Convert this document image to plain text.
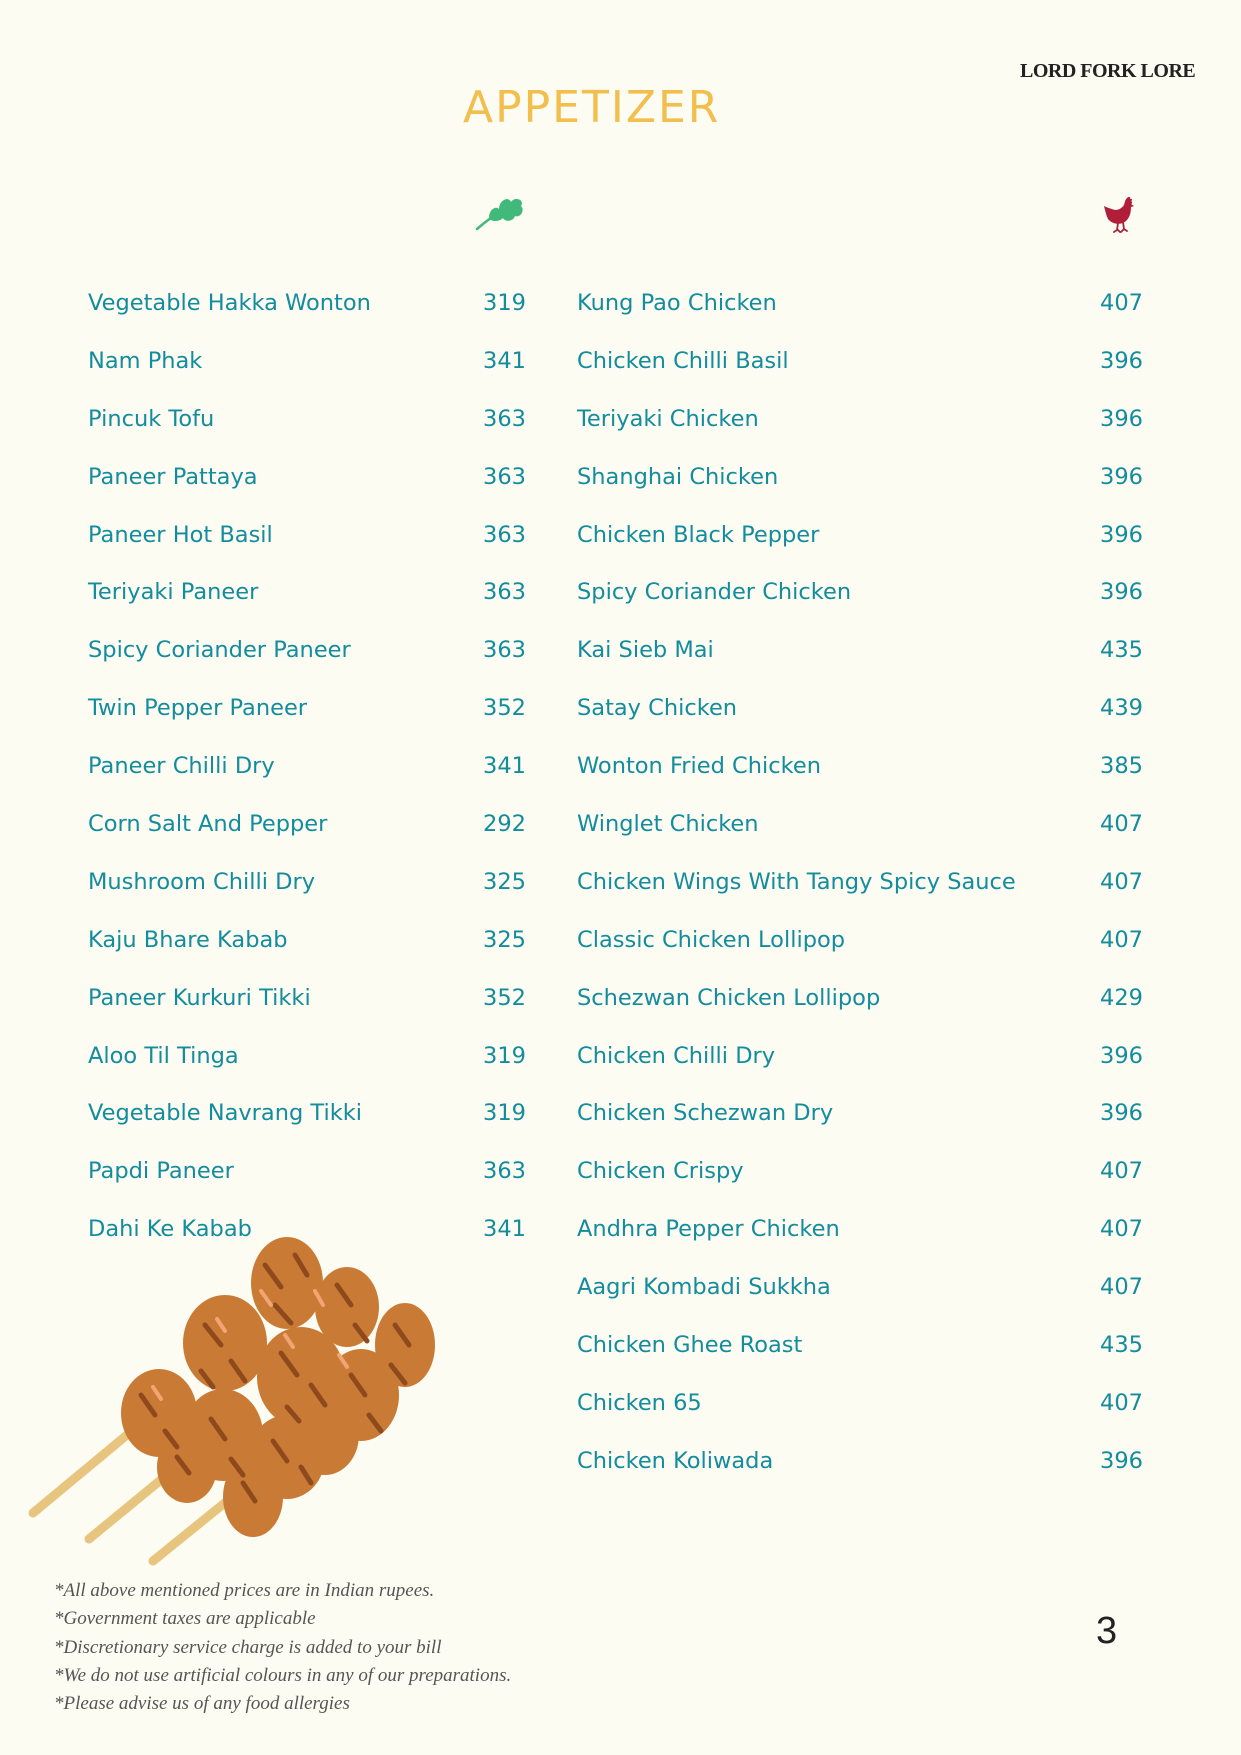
LORD FORK LORE
APPETIZER
Vegetable Hakka Wonton	319
Nam Phak	341
Pincuk Tofu	363
Paneer Pattaya	363
Paneer Hot Basil	363
Teriyaki Paneer	363
Spicy Coriander Paneer	363
Twin Pepper Paneer	352
Paneer Chilli Dry	341
Corn Salt And Pepper	292
Mushroom Chilli Dry	325
Kaju Bhare Kabab	325
Paneer Kurkuri Tikki	352
Aloo Til Tinga	319
Vegetable Navrang Tikki	319
Papdi Paneer	363
Dahi Ke Kabab	341
Kung Pao Chicken	407
Chicken Chilli Basil	396
Teriyaki Chicken	396
Shanghai Chicken	396
Chicken Black Pepper	396
Spicy Coriander Chicken	396
Kai Sieb Mai	435
Satay Chicken	439
Wonton Fried Chicken	385
Winglet Chicken	407
Chicken Wings With Tangy Spicy Sauce	407
Classic Chicken Lollipop	407
Schezwan Chicken Lollipop	429
Chicken Chilli Dry	396
Chicken Schezwan Dry	396
Chicken Crispy	407
Andhra Pepper Chicken	407
Aagri Kombadi Sukkha	407
Chicken Ghee Roast	435
Chicken 65	407
Chicken Koliwada	396
*All above mentioned prices are in Indian rupees.
*Government taxes are applicable
*Discretionary service charge is added to your bill
*We do not use artificial colours in any of our preparations.
*Please advise us of any food allergies
3
